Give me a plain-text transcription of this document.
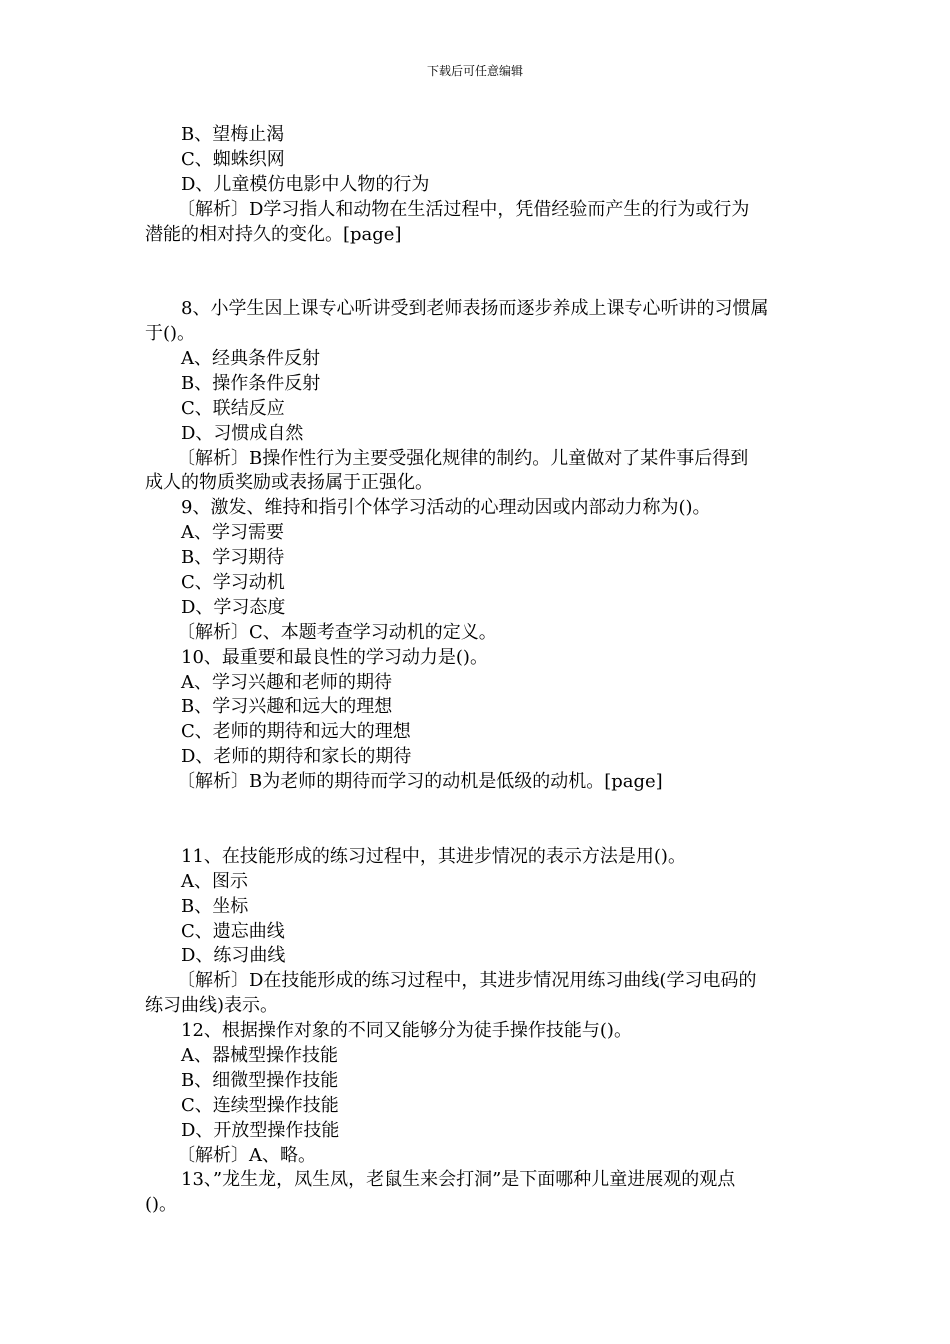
下载后可任意编辑
B、望梅止渴
C、蜘蛛织网
D、儿童模仿电影中人物的行为
〔解析〕D学习指人和动物在生活过程中，凭借经验而产生的行为或行为
潜能的相对持久的变化。[page]
8、小学生因上课专心听讲受到老师表扬而逐步养成上课专心听讲的习惯属
于()。
A、经典条件反射
B、操作条件反射
C、联结反应
D、习惯成自然
〔解析〕B操作性行为主要受强化规律的制约。儿童做对了某件事后得到
成人的物质奖励或表扬属于正强化。
9、激发、维持和指引个体学习活动的心理动因或内部动力称为()。
A、学习需要
B、学习期待
C、学习动机
D、学习态度
〔解析〕C、本题考查学习动机的定义。
10、最重要和最良性的学习动力是()。
A、学习兴趣和老师的期待
B、学习兴趣和远大的理想
C、老师的期待和远大的理想
D、老师的期待和家长的期待
〔解析〕B为老师的期待而学习的动机是低级的动机。[page]
11、在技能形成的练习过程中，其进步情况的表示方法是用()。
A、图示
B、坐标
C、遗忘曲线
D、练习曲线
〔解析〕D在技能形成的练习过程中，其进步情况用练习曲线(学习电码的
练习曲线)表示。
12、根据操作对象的不同又能够分为徒手操作技能与()。
A、器械型操作技能
B、细微型操作技能
C、连续型操作技能
D、开放型操作技能
〔解析〕A、略。
13、”龙生龙，凤生凤，老鼠生来会打洞”是下面哪种儿童进展观的观点
()。
